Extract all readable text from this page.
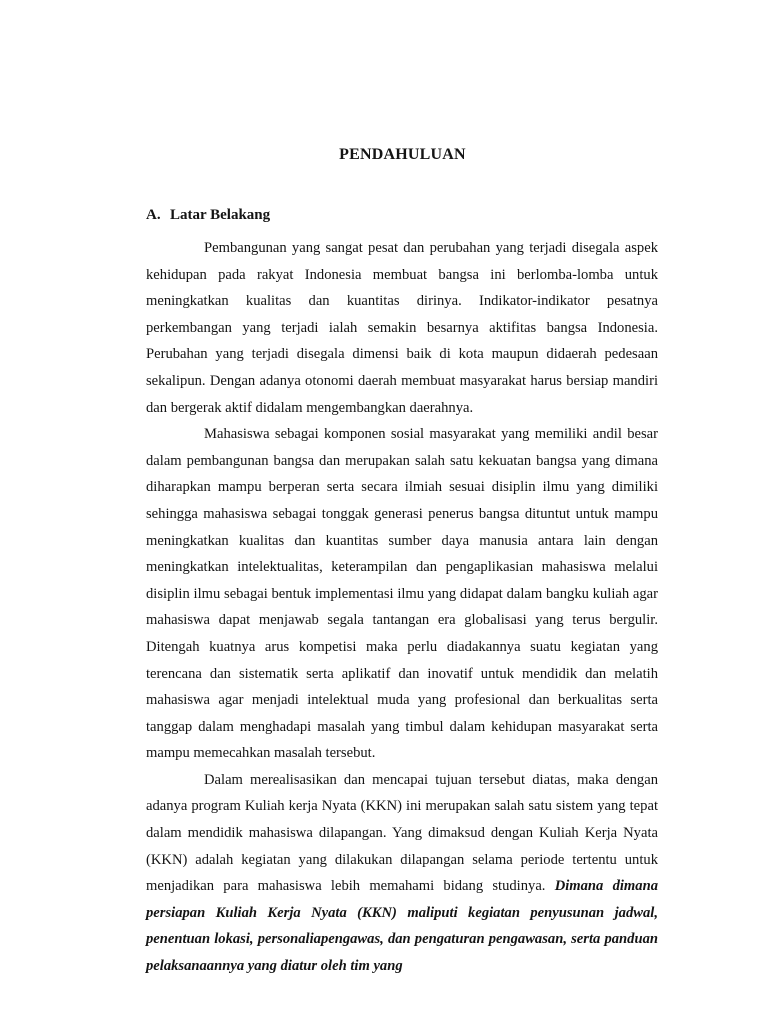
PENDAHULUAN
A. Latar Belakang

Pembangunan yang sangat pesat dan perubahan yang terjadi disegala aspek kehidupan pada rakyat Indonesia membuat bangsa ini berlomba-lomba untuk meningkatkan kualitas dan kuantitas dirinya. Indikator-indikator pesatnya perkembangan yang terjadi ialah semakin besarnya aktifitas bangsa Indonesia. Perubahan yang terjadi disegala dimensi baik di kota maupun didaerah pedesaan sekalipun. Dengan adanya otonomi daerah membuat masyarakat harus bersiap mandiri dan bergerak aktif didalam mengembangkan daerahnya.

Mahasiswa sebagai komponen sosial masyarakat yang memiliki andil besar dalam pembangunan bangsa dan merupakan salah satu kekuatan bangsa yang dimana diharapkan mampu berperan serta secara ilmiah sesuai disiplin ilmu yang dimiliki sehingga mahasiswa sebagai tonggak generasi penerus bangsa dituntut untuk mampu meningkatkan kualitas dan kuantitas sumber daya manusia antara lain dengan meningkatkan intelektualitas, keterampilan dan pengaplikasian mahasiswa melalui disiplin ilmu sebagai bentuk implementasi ilmu yang didapat dalam bangku kuliah agar mahasiswa dapat menjawab segala tantangan era globalisasi yang terus bergulir. Ditengah kuatnya arus kompetisi maka perlu diadakannya suatu kegiatan yang terencana dan sistematik serta aplikatif dan inovatif untuk mendidik dan melatih mahasiswa agar menjadi intelektual muda yang profesional dan berkualitas serta tanggap dalam menghadapi masalah yang timbul dalam kehidupan masyarakat serta mampu memecahkan masalah tersebut.

Dalam merealisasikan dan mencapai tujuan tersebut diatas, maka dengan adanya program Kuliah kerja Nyata (KKN) ini merupakan salah satu sistem yang tepat dalam mendidik mahasiswa dilapangan. Yang dimaksud dengan Kuliah Kerja Nyata (KKN) adalah kegiatan yang dilakukan dilapangan selama periode tertentu untuk menjadikan para mahasiswa lebih memahami bidang studinya. Dimana dimana persiapan Kuliah Kerja Nyata (KKN) maliputi kegiatan penyusunan jadwal, penentuan lokasi, personaliapengawas, dan pengaturan pengawasan, serta panduan pelaksanaannya yang diatur oleh tim yang
